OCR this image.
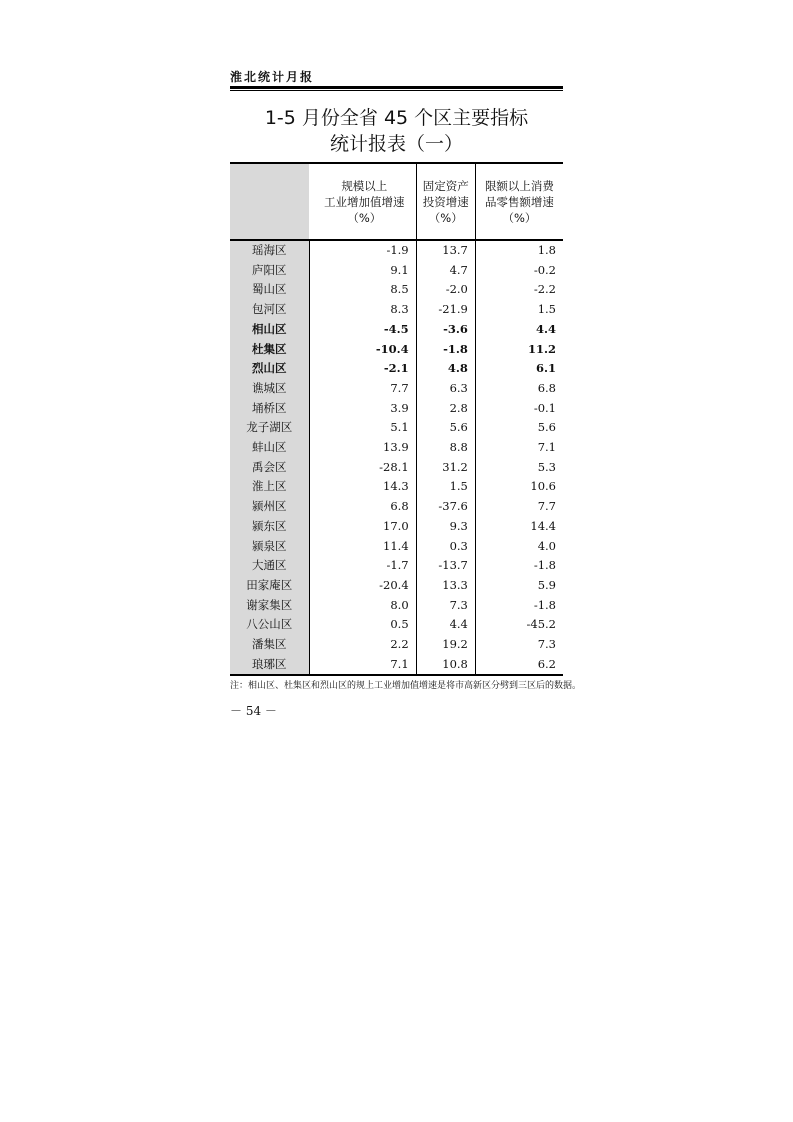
淮北统计月报
1-5 月份全省 45 个区主要指标
统计报表（一）

	规模以上
工业增加值增速
（%）	固定资产
投资增速
（%）	限额以上消费
品零售额增速
（%）

瑶海区	-1.9	13.7	1.8
庐阳区	9.1	4.7	-0.2
蜀山区	8.5	-2.0	-2.2
包河区	8.3	-21.9	1.5
相山区	-4.5	-3.6	4.4
杜集区	-10.4	-1.8	11.2
烈山区	-2.1	4.8	6.1
谯城区	7.7	6.3	6.8
埇桥区	3.9	2.8	-0.1
龙子湖区	5.1	5.6	5.6
蚌山区	13.9	8.8	7.1
禹会区	-28.1	31.2	5.3
淮上区	14.3	1.5	10.6
颍州区	6.8	-37.6	7.7
颍东区	17.0	9.3	14.4
颍泉区	11.4	0.3	4.0
大通区	-1.7	-13.7	-1.8
田家庵区	-20.4	13.3	5.9
谢家集区	8.0	7.3	-1.8
八公山区	0.5	4.4	-45.2
潘集区	2.2	19.2	7.3
琅琊区	7.1	10.8	6.2
注：相山区、杜集区和烈山区的规上工业增加值增速是将市高新区分劈到三区后的数据。
－ 54 －
